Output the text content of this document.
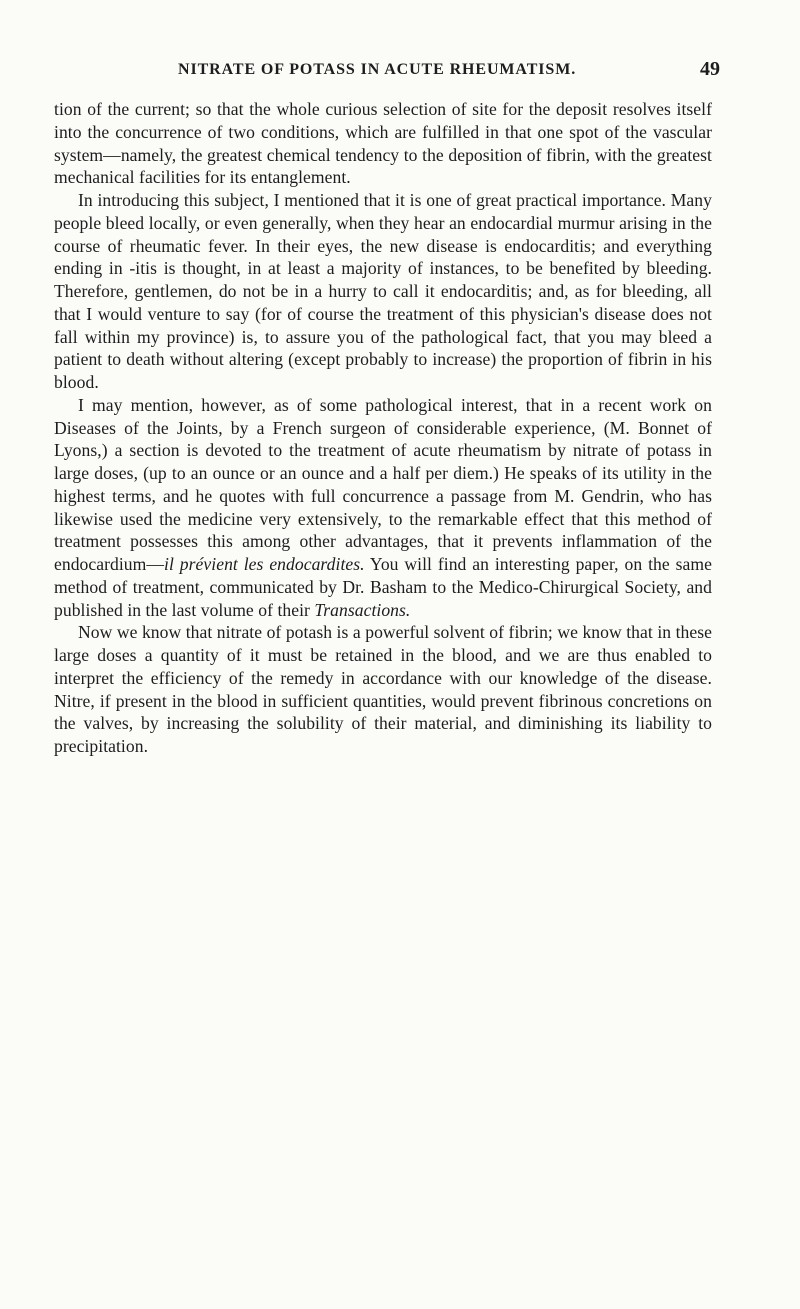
NITRATE OF POTASS IN ACUTE RHEUMATISM.	49

tion of the current; so that the whole curious selection of site for the deposit resolves itself into the concurrence of two conditions, which are fulfilled in that one spot of the vascular system—namely, the greatest chemical tendency to the deposition of fibrin, with the greatest mechanical facilities for its entanglement.

In introducing this subject, I mentioned that it is one of great practical importance. Many people bleed locally, or even generally, when they hear an endocardial murmur arising in the course of rheumatic fever. In their eyes, the new disease is endocarditis; and everything ending in -itis is thought, in at least a majority of instances, to be benefited by bleeding. Therefore, gentlemen, do not be in a hurry to call it endocarditis; and, as for bleeding, all that I would venture to say (for of course the treatment of this physician's disease does not fall within my province) is, to assure you of the pathological fact, that you may bleed a patient to death without altering (except probably to increase) the proportion of fibrin in his blood.

I may mention, however, as of some pathological interest, that in a recent work on Diseases of the Joints, by a French surgeon of considerable experience, (M. Bonnet of Lyons,) a section is devoted to the treatment of acute rheumatism by nitrate of potass in large doses, (up to an ounce or an ounce and a half per diem.) He speaks of its utility in the highest terms, and he quotes with full concurrence a passage from M. Gendrin, who has likewise used the medicine very extensively, to the remarkable effect that this method of treatment possesses this among other advantages, that it prevents inflammation of the endocardium—il prévient les endocardites. You will find an interesting paper, on the same method of treatment, communicated by Dr. Basham to the Medico-Chirurgical Society, and published in the last volume of their Transactions.

Now we know that nitrate of potash is a powerful solvent of fibrin; we know that in these large doses a quantity of it must be retained in the blood, and we are thus enabled to interpret the efficiency of the remedy in accordance with our knowledge of the disease. Nitre, if present in the blood in sufficient quantities, would prevent fibrinous concretions on the valves, by increasing the solubility of their material, and diminishing its liability to precipitation.
